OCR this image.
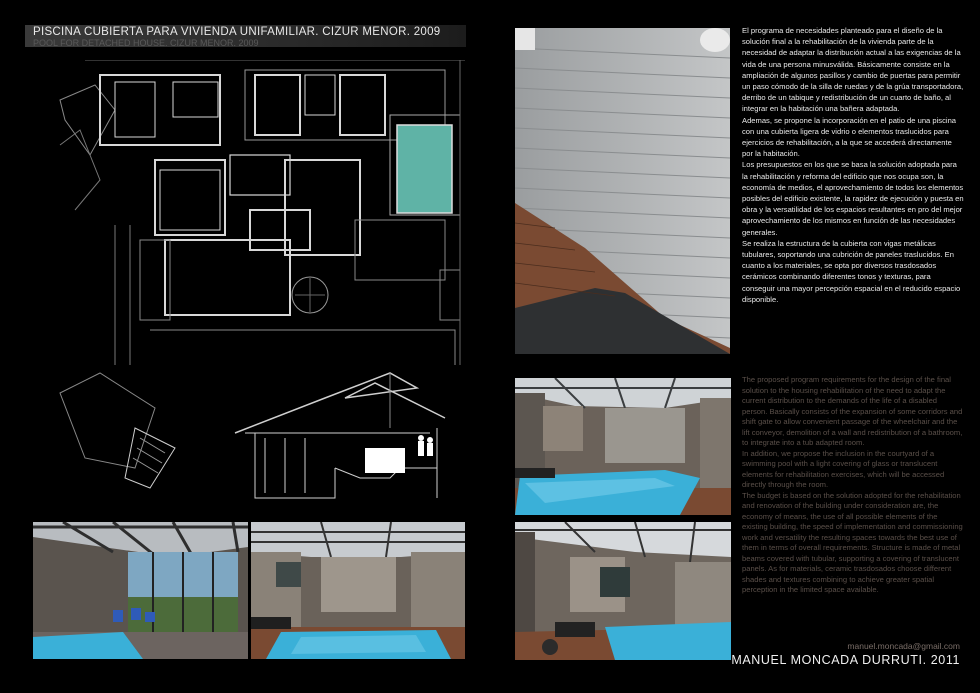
PISCINA CUBIERTA PARA VIVIENDA UNIFAMILIAR. CIZUR MENOR. 2009
POOL FOR DETACHED HOUSE. CIZUR MENOR. 2009

El programa de necesidades planteado para el diseño de la solución final a la rehabilitación de la vivienda parte de la necesidad de adaptar la distribución actual a las exigencias de la vida de una persona minusválida. Básicamente consiste en la ampliación de algunos pasillos y cambio de puertas para permitir un paso cómodo de la silla de ruedas y de la grúa transportadora, derribo de un tabique y redistribución de un cuarto de baño, al integrar en la habitación una bañera adaptada.

Ademas, se propone la incorporación en el patio de una piscina con una cubierta ligera de vidrio o elementos traslucidos para ejercicios de rehabilitación, a la que se accederá directamente por la habitación.

Los presupuestos en los que se basa la solución adoptada para la rehabilitación y reforma del edificio que nos ocupa son, la economía de medios, el aprovechamiento de todos los elementos posibles del edificio existente, la rapidez de ejecución y puesta en obra y la versatilidad de los espacios resultantes en pro del mejor aprovechamiento de los mismos en función de las necesidades generales.

Se realiza la estructura de la cubierta con vigas metálicas tubulares, soportando una cubrición de paneles traslucidos. En cuanto a los materiales, se opta por diversos trasdosados cerámicos combinando diferentes tonos y texturas, para conseguir una mayor percepción espacial en el reducido espacio disponible.

The proposed program requirements for the design of the final solution to the housing rehabilitation of the need to adapt the current distribution to the demands of the life of a disabled person. Basically consists of the expansion of some corridors and shift gate to allow convenient passage of the wheelchair and the lift conveyor, demolition of a wall and redistribution of a bathroom, to integrate into a tub adapted room.

In addition, we propose the inclusion in the courtyard of a swimming pool with a light covering of glass or translucent elements for rehabilitation exercises, which will be accessed directly through the room.

The budget is based on the solution adopted for the rehabilitation and renovation of the building under consideration are, the economy of means, the use of all possible elements of the existing building, the speed of implementation and commissioning work and versatility the resulting spaces towards the best use of them in terms of overall requirements. Structure is made of metal beams covered with tubular, supporting a covering of translucent panels. As for materials, ceramic trasdosados choose different shades and textures combining to achieve greater spatial perception in the limited space available.

manuel.moncada@gmail.com
MANUEL MONCADA DURRUTI. 2011
